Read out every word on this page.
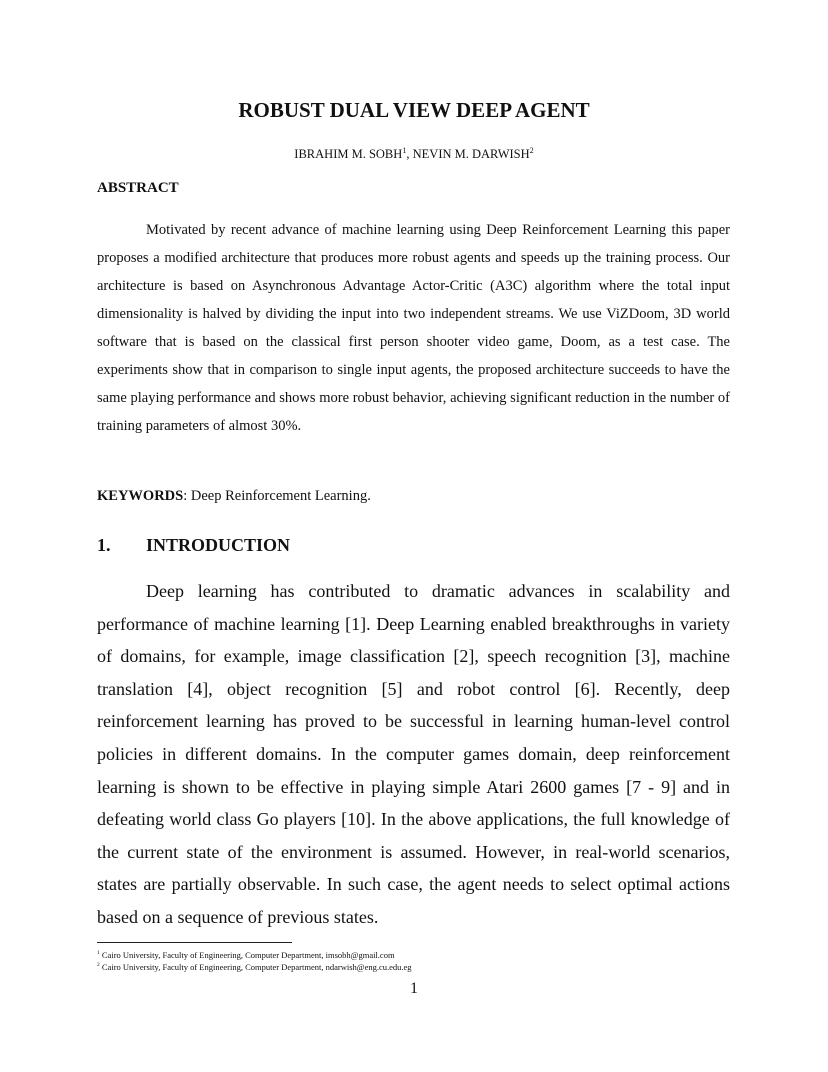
ROBUST DUAL VIEW DEEP AGENT
IBRAHIM M. SOBH$^1$, NEVIN M. DARWISH$^2$
ABSTRACT

Motivated by recent advance of machine learning using Deep Reinforcement Learning this paper proposes a modified architecture that produces more robust agents and speeds up the training process. Our architecture is based on Asynchronous Advantage Actor-Critic (A3C) algorithm where the total input dimensionality is halved by dividing the input into two independent streams. We use ViZDoom, 3D world software that is based on the classical first person shooter video game, Doom, as a test case. The experiments show that in comparison to single input agents, the proposed architecture succeeds to have the same playing performance and shows more robust behavior, achieving significant reduction in the number of training parameters of almost 30%.

KEYWORDS: Deep Reinforcement Learning.

1. INTRODUCTION

Deep learning has contributed to dramatic advances in scalability and performance of machine learning [1]. Deep Learning enabled breakthroughs in variety of domains, for example, image classification [2], speech recognition [3], machine translation [4], object recognition [5] and robot control [6]. Recently, deep reinforcement learning has proved to be successful in learning human-level control policies in different domains. In the computer games domain, deep reinforcement learning is shown to be effective in playing simple Atari 2600 games [7 - 9] and in defeating world class Go players [10]. In the above applications, the full knowledge of the current state of the environment is assumed. However, in real-world scenarios, states are partially observable. In such case, the agent needs to select optimal actions based on a sequence of previous states.

$^1$ Cairo University, Faculty of Engineering, Computer Department, imsobh@gmail.com
$^2$ Cairo University, Faculty of Engineering, Computer Department, ndarwish@eng.cu.edu.eg
1
